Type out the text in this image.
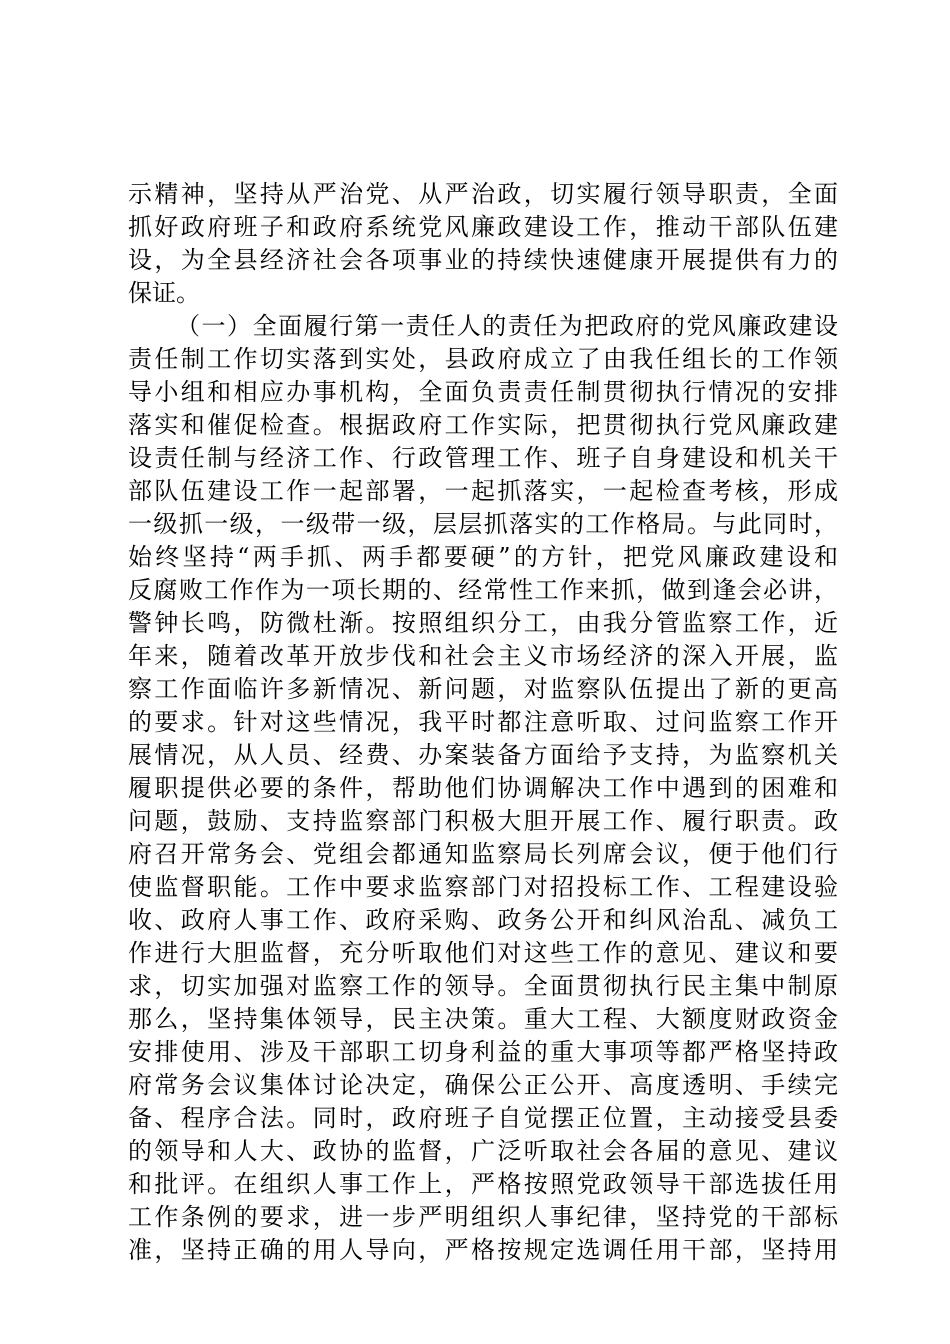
示精神，坚持从严治党、从严治政，切实履行领导职责，全面
抓好政府班子和政府系统党风廉政建设工作，推动干部队伍建
设，为全县经济社会各项事业的持续快速健康开展提供有力的
保证。
（一）全面履行第一责任人的责任为把政府的党风廉政建设
责任制工作切实落到实处，县政府成立了由我任组长的工作领
导小组和相应办事机构，全面负责责任制贯彻执行情况的安排
落实和催促检查。根据政府工作实际，把贯彻执行党风廉政建
设责任制与经济工作、行政管理工作、班子自身建设和机关干
部队伍建设工作一起部署，一起抓落实，一起检查考核，形成
一级抓一级，一级带一级，层层抓落实的工作格局。与此同时，
始终坚持“两手抓、两手都要硬”的方针，把党风廉政建设和
反腐败工作作为一项长期的、经常性工作来抓，做到逢会必讲，
警钟长鸣，防微杜渐。按照组织分工，由我分管监察工作，近
年来，随着改革开放步伐和社会主义市场经济的深入开展，监
察工作面临许多新情况、新问题，对监察队伍提出了新的更高
的要求。针对这些情况，我平时都注意听取、过问监察工作开
展情况，从人员、经费、办案装备方面给予支持，为监察机关
履职提供必要的条件，帮助他们协调解决工作中遇到的困难和
问题，鼓励、支持监察部门积极大胆开展工作、履行职责。政
府召开常务会、党组会都通知监察局长列席会议，便于他们行
使监督职能。工作中要求监察部门对招投标工作、工程建设验
收、政府人事工作、政府采购、政务公开和纠风治乱、减负工
作进行大胆监督，充分听取他们对这些工作的意见、建议和要
求，切实加强对监察工作的领导。全面贯彻执行民主集中制原
那么，坚持集体领导，民主决策。重大工程、大额度财政资金
安排使用、涉及干部职工切身利益的重大事项等都严格坚持政
府常务会议集体讨论决定，确保公正公开、高度透明、手续完
备、程序合法。同时，政府班子自觉摆正位置，主动接受县委
的领导和人大、政协的监督，广泛听取社会各届的意见、建议
和批评。在组织人事工作上，严格按照党政领导干部选拔任用
工作条例的要求，进一步严明组织人事纪律，坚持党的干部标
准，坚持正确的用人导向，严格按规定选调任用干部，坚持用
